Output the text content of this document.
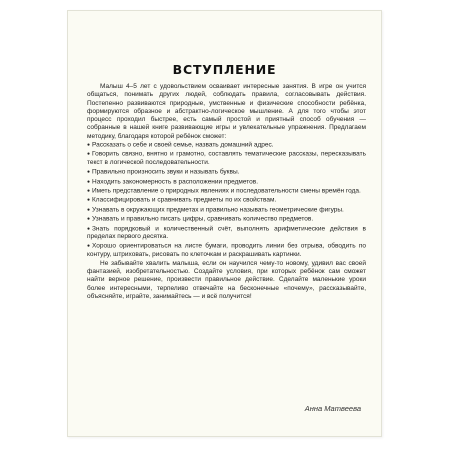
ВСТУПЛЕНИЕ

Малыш 4–5 лет с удовольствием осваивает интересные занятия. В игре он учится общаться, понимать других людей, соблюдать правила, согласовывать действия. Постепенно развиваются природные, умственные и физические способности ребёнка, формируются образное и абстрактно-логическое мышление. А для того чтобы этот процесс проходил быстрее, есть самый простой и приятный способ обучения — собранные в нашей книге развивающие игры и увлекательные упражнения. Предлагаем методику, благодаря которой ребёнок сможет:

● Рассказать о себе и своей семье, назвать домашний адрес.
● Говорить связно, внятно и грамотно, составлять тематические рассказы, пересказывать текст в логической последовательности.
● Правильно произносить звуки и называть буквы.
● Находить закономерность в расположении предметов.
● Иметь представление о природных явлениях и последовательности смены времён года.
● Классифицировать и сравнивать предметы по их свойствам.
● Узнавать в окружающих предметах и правильно называть геометрические фигуры.
● Узнавать и правильно писать цифры, сравнивать количество предметов.
● Знать порядковый и количественный счёт, выполнять арифметические действия в пределах первого десятка.
● Хорошо ориентироваться на листе бумаги, проводить линии без отрыва, обводить по контуру, штриховать, рисовать по клеточкам и раскрашивать картинки.

Не забывайте хвалить малыша, если он научился чему-то новому, удивил вас своей фантазией, изобретательностью. Создайте условия, при которых ребёнок сам сможет найти верное решение, произвести правильное действие. Сделайте маленькие уроки более интересными, терпеливо отвечайте на бесконечные «почему», рассказывайте, объясняйте, играйте, занимайтесь — и всё получится!

Анна Матвеева
